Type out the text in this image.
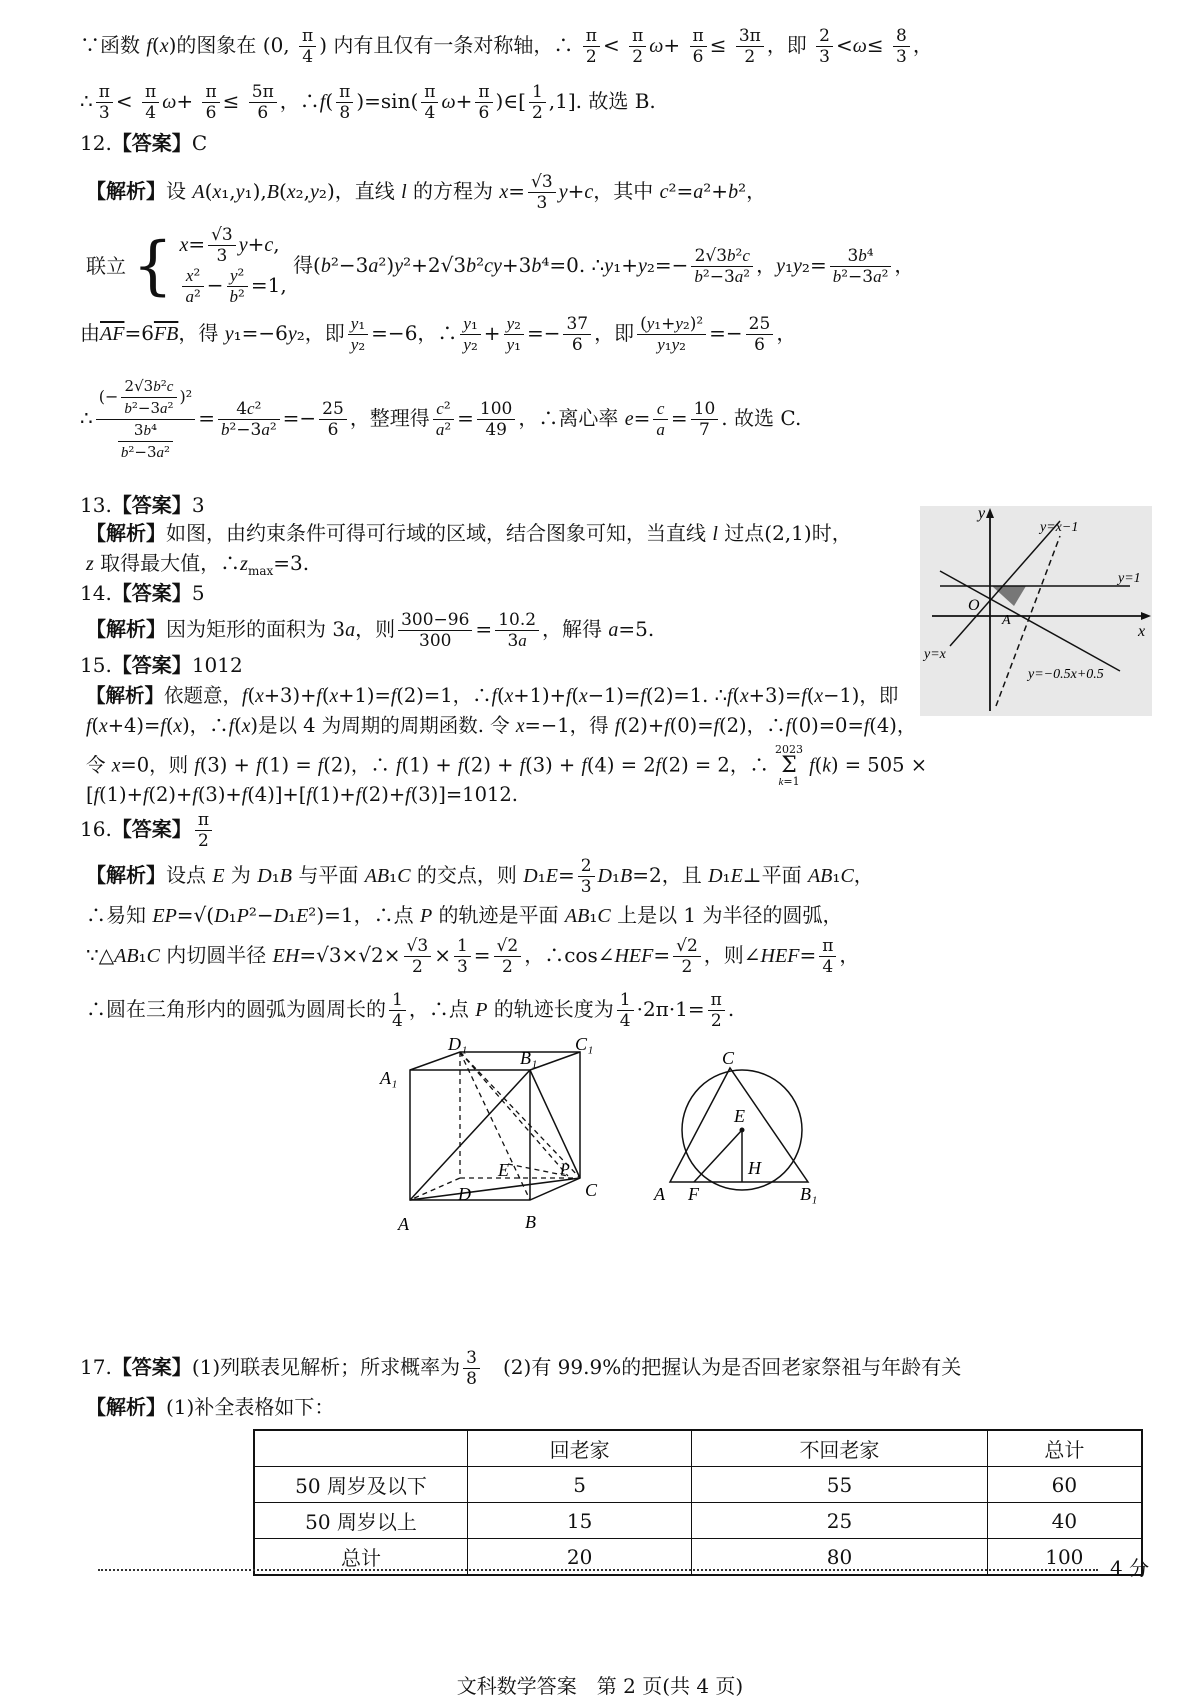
∵函数 f(x)的图象在 (0, $\frac{\pi}{4}$ ) 内有且仅有一条对称轴，∴ $\frac{\pi}{2} < \frac{\pi}{2} \omega+ \frac{\pi}{6} \le \frac{3\pi}{2}$ ，即 $\frac{2}{3} <\omega\le \frac{8}{3}$ ，
∴ $\frac{\pi}{3} < \frac{\pi}{4} \omega+ \frac{\pi}{6} \le \frac{5\pi}{6}$ ，∴f( $\frac{\pi}{8} )=\sin( \frac{\pi}{4} \omega+ \frac{\pi}{6}$ )∈[ $\frac{1}{2} ,1$]. 故选 B.
12.【答案】C
【解析】设 A(x₁,y₁),B(x₂,y₂)，直线 l 的方程为 $x= \frac{√3}{3} y+c$，其中 c²=a²+b²，
联立 { $x= \frac{√3}{3} y+c$,

$\frac{\text{x²}}{\text{a²}} - \frac{\text{y²}}{\text{b²}} =1$, 得(b²−3a²)y²+2√3b²cy+3b⁴=0. ∴y₁+y₂=− $\frac{\text{2√3b²c}}{\text{b²−3a²}}$ ，$y_1y_2= \frac{\text{3b⁴}}{\text{b²−3a²}}$ ，
由$\overline{AF}=6\overline{FB}$，得 y₁=−6y₂，即 $\frac{\text{y₁}}{\text{y₂}} =-6$，∴ $\frac{\text{y₁}}{\text{y₂}} + \frac{\text{y₂}}{\text{y₁}} =- \frac{37}{6}$ ，即 $\frac{\text{(y₁+y₂)²}}{\text{y₁y₂}} =- \frac{25}{6}$ ，
∴ $\frac{(- \frac{\text{2√3b²c}}{\text{b²−3a²}} )^2}{\frac{\text{3b⁴}}{\text{b²−3a²}}} = \frac{\text{4c²}}{\text{b²−3a²}} =- \frac{25}{6}$ ，整理得 $\frac{\text{c²}}{\text{a²}} = \frac{100}{49}$ ，∴离心率 $e= \frac{c}{a} = \frac{10}{7}$ . 故选 C.
13.【答案】3
【解析】如图，由约束条件可得可行域的区域，结合图象可知，当直线 l 过点(2,1)时，
z 取得最大值，$\therefore z_{max}=3$.
14.【答案】5
【解析】因为矩形的面积为 3a，则 $\frac{300-96}{300} = \frac{10.2}{3a}$ ，解得 a=5.
15.【答案】1012
【解析】依题意，f(x+3)+f(x+1)=f(2)=1，∴f(x+1)+f(x−1)=f(2)=1. ∴f(x+3)=f(x−1)，即
f(x+4)=f(x)，∴f(x)是以 4 为周期的周期函数. 令 x=−1，得 f(2)+f(0)=f(2)，∴f(0)=0=f(4)，
令 x=0，则 f(3) + f(1) = f(2)，∴ f(1) + f(2) + f(3) + f(4) = 2f(2) = 2，∴ 2023
Σ
k=1 f(k) = 505 ×
[f(1)+f(2)+f(3)+f(4)]+[f(1)+f(2)+f(3)]=1012.
16.【答案】 $\frac{\pi}{2}$
【解析】设点 E 为 D₁B 与平面 AB₁C 的交点，则 $D_1E= \frac{2}{3} D_1B=2$，且 D₁E⊥平面 AB₁C，
∴易知 EP=√(D₁P²−D₁E²)=1，∴点 P 的轨迹是平面 AB₁C 上是以 1 为半径的圆弧，
∵△AB₁C 内切圆半径 $EH=√3\times√2\times \frac{√3}{2} \times \frac{1}{3} = \frac{√2}{2}$ ，∴cos∠HEF= $\frac{√2}{2}$ ，则∠HEF= $\frac{\pi}{4}$ ，
∴圆在三角形内的圆弧为圆周长的 $\frac{1}{4}$ ，∴点 P 的轨迹长度为 $\frac{1}{4} \cdot 2\pi\cdot 1= \frac{\pi}{2}$ .
y
x
O
A
y=x−1
y=1
y=x
y=−0.5x+0.5
D₁	C₁
A₁
B₁
D
E	P
C
A	B
C
E
H
A F	B₁
17.【答案】(1)列联表见解析；所求概率为 $\frac{3}{8}$ 　(2)有 99.9%的把握认为是否回老家祭祖与年龄有关
【解析】(1)补全表格如下：
	回老家	不回老家	总计
50 周岁及以下	5	55	60
50 周岁以上	15	25	40
总计	20	80	100 4 分
文科数学答案　第 2 页(共 4 页)
